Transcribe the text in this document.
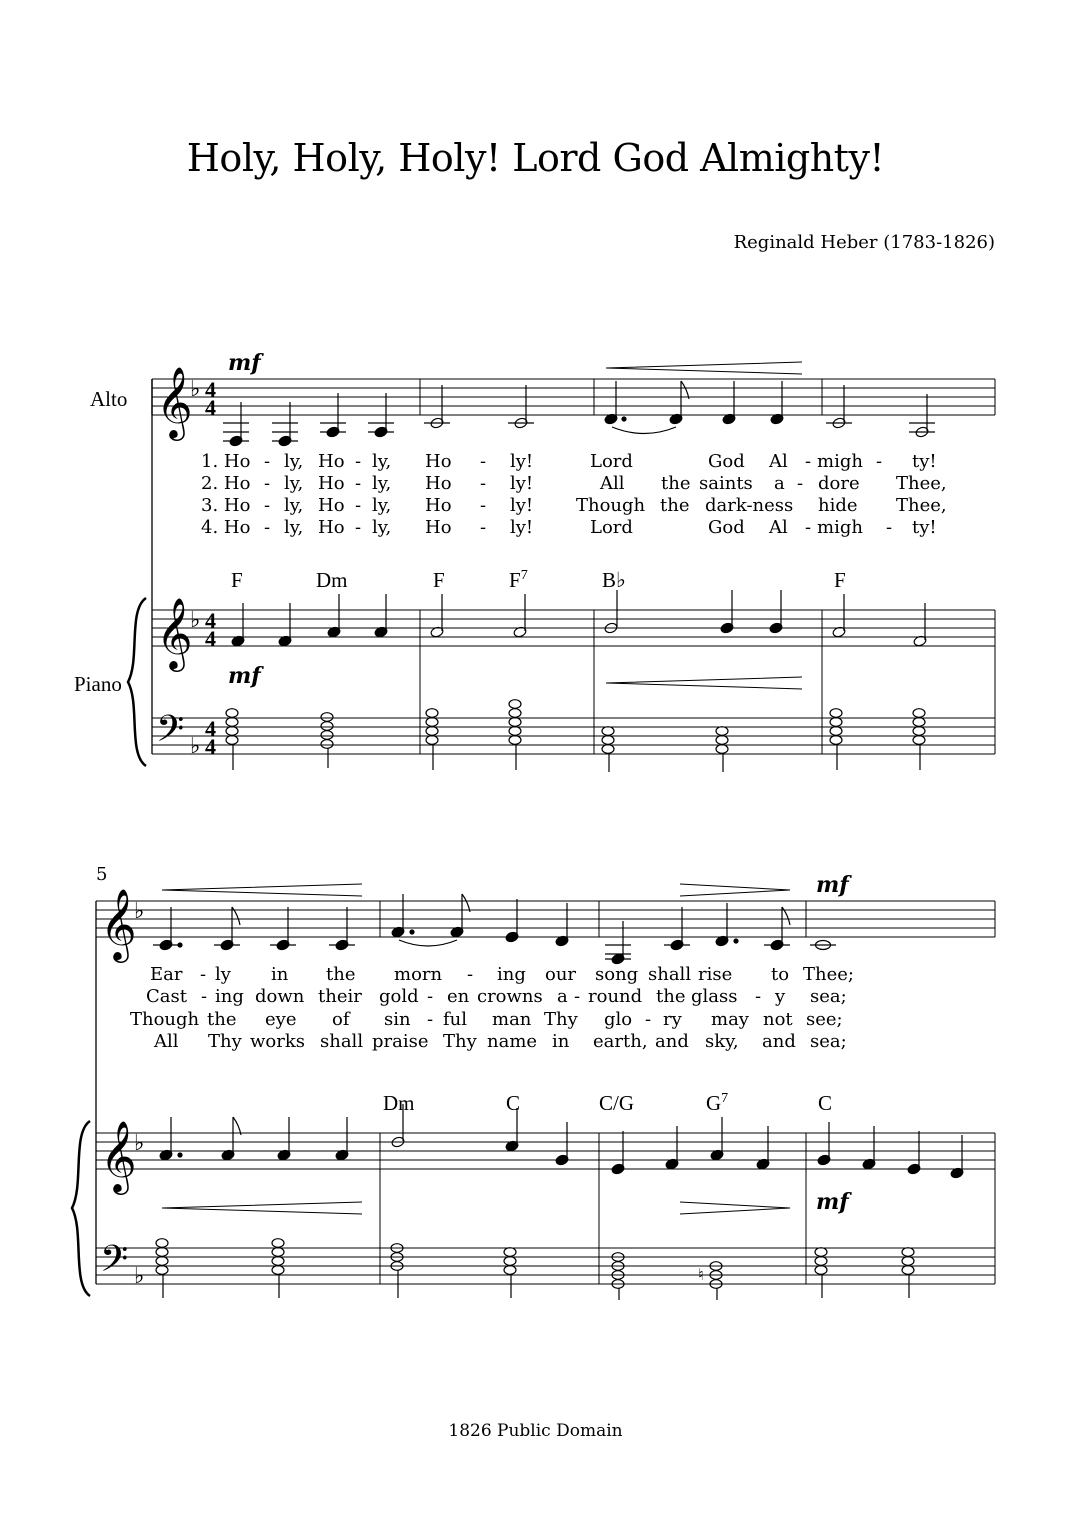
Holy, Holy, Holy! Lord God Almighty!
Reginald Heber (1783-1826)
1826 Public Domain
𝄞
♭ 4
4
𝄞
♭ 4
4
𝄢 ♭
4
4
Alto
Piano
mf
mf
1. Ho - ly, Ho - ly, Ho - ly!	Lord	God Al - migh - ty!
2. Ho - ly, Ho - ly, Ho - ly!	All the saints a - dore Thee,
3. Ho - ly, Ho - ly, Ho - ly! Though the dark-ness hide Thee,
4. Ho - ly, Ho - ly, Ho - ly!	Lord	God Al - migh - ty!
F	Dm	F	$F^7$	B♭	F
5
𝄞
♭
𝄞
♭
𝄢 ♭
mf
mf
Ear - ly in the morn - ing our song shall rise to Thee;
Cast - ing down their gold - en crowns a - round the glass - y sea;
Though the eye of sin - ful man Thy glo - ry may not see;
All Thy works shall praise Thy name in earth, and sky, and sea;
Dm	C	C/G	$G^7$	C
♮
